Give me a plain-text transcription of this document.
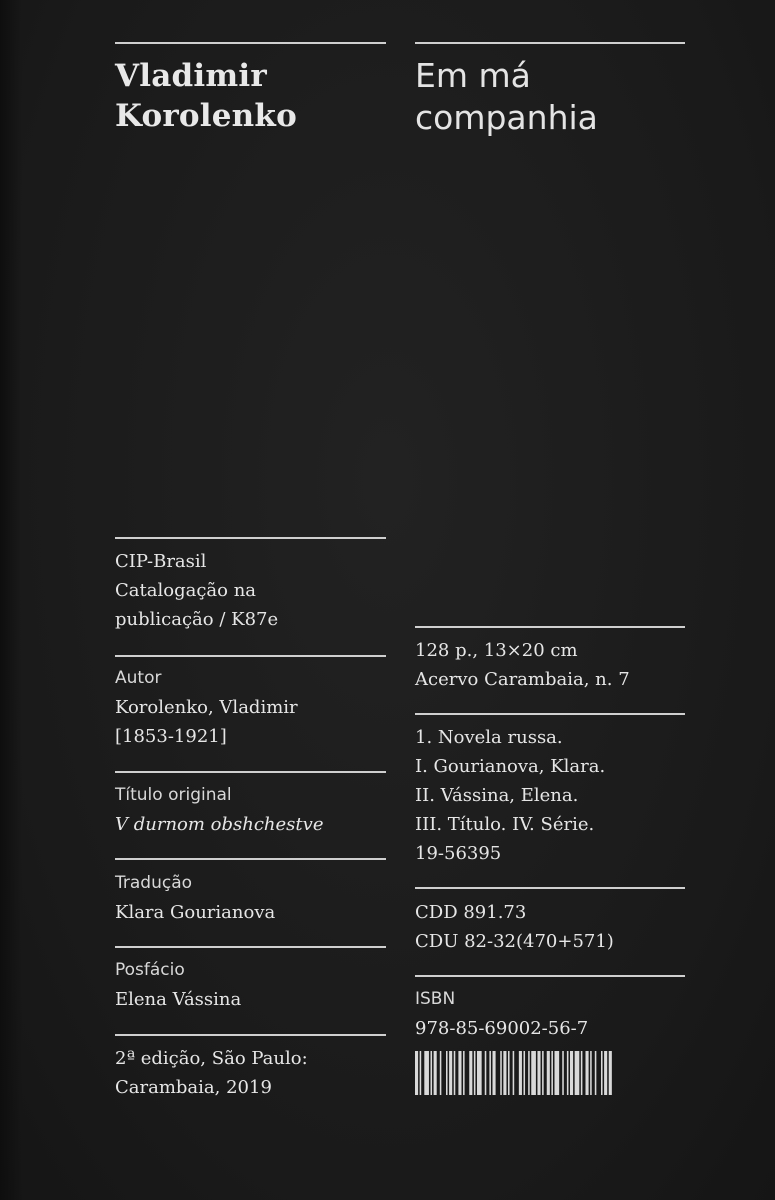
Vladimir
Korolenko
Em má
companhia
CIP-Brasil
Catalogação na
publicação / K87e
Autor
Korolenko, Vladimir
[1853-1921]
Título original
V durnom obshchestve
Tradução
Klara Gourianova
Posfácio
Elena Vássina
2ª edição, São Paulo:
Carambaia, 2019
128 p., 13×20 cm
Acervo Carambaia, n. 7
1. Novela russa.
I. Gourianova, Klara.
II. Vássina, Elena.
III. Título. IV. Série.
19-56395
CDD 891.73
CDU 82-32(470+571)
ISBN
978-85-69002-56-7
